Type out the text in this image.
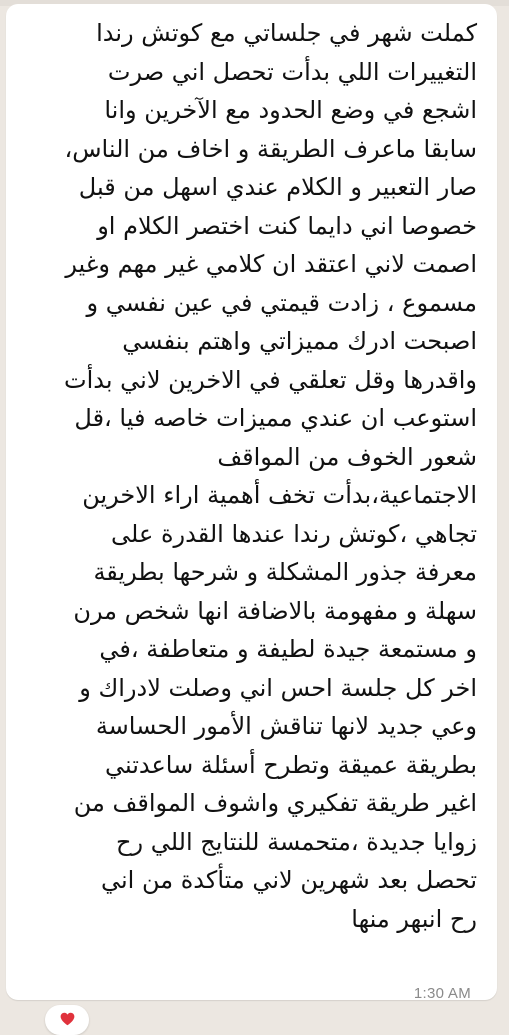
كملت شهر في جلساتي مع كوتش رندا
التغييرات اللي بدأت تحصل اني صرت
اشجع في وضع الحدود مع الآخرين وانا
سابقا ماعرف الطريقة و اخاف من الناس،
صار التعبير و الكلام عندي اسهل من قبل
خصوصا اني دايما كنت اختصر الكلام او
اصمت لاني اعتقد ان كلامي غير مهم وغير
مسموع ، زادت قيمتي في عين نفسي و
اصبحت ادرك مميزاتي واهتم بنفسي
واقدرها وقل تعلقي في الاخرين لاني بدأت
استوعب ان عندي مميزات خاصه فيا ،قل
شعور الخوف من المواقف
الاجتماعية،بدأت تخف أهمية اراء الاخرين
تجاهي ،كوتش رندا عندها القدرة على
معرفة جذور المشكلة و شرحها بطريقة
سهلة و مفهومة بالاضافة انها شخص مرن
و مستمعة جيدة لطيفة و متعاطفة ،في
اخر كل جلسة احس اني وصلت لادراك و
وعي جديد لانها تناقش الأمور الحساسة
بطريقة عميقة وتطرح أسئلة ساعدتني
اغير طريقة تفكيري واشوف المواقف من
زوايا جديدة ،متحمسة للنتايج اللي رح
تحصل بعد شهرين لاني متأكدة من اني
رح انبهر منها
1:30 AM
